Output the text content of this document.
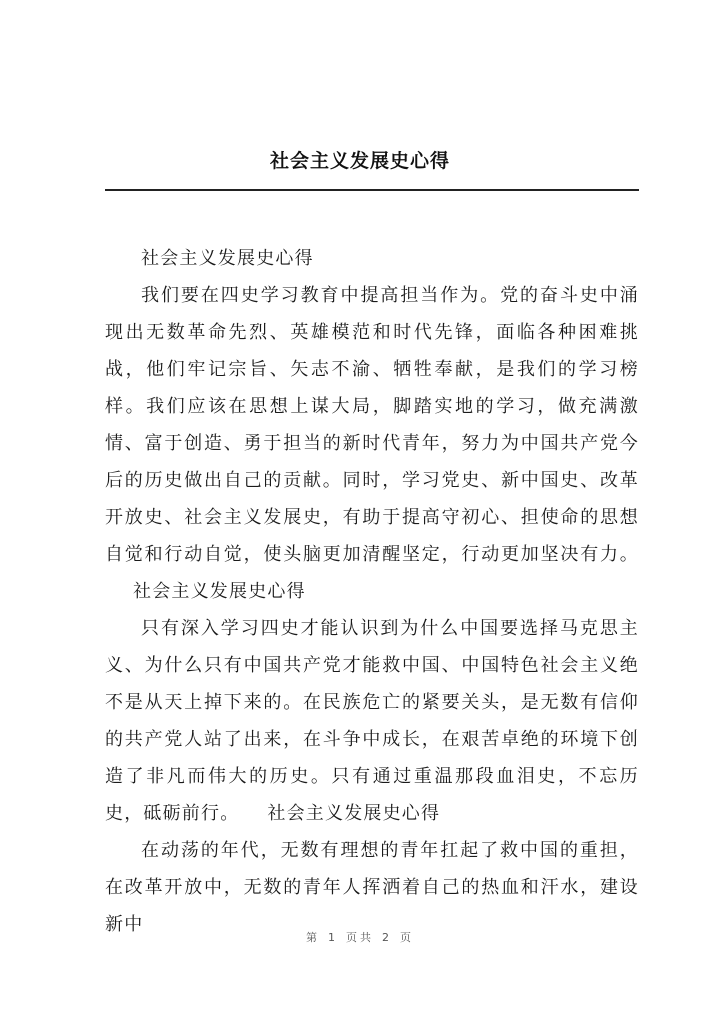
社会主义发展史心得

社会主义发展史心得

我们要在四史学习教育中提高担当作为。党的奋斗史中涌现出无数革命先烈、英雄模范和时代先锋，面临各种困难挑战，他们牢记宗旨、矢志不渝、牺牲奉献，是我们的学习榜样。我们应该在思想上谋大局，脚踏实地的学习，做充满激情、富于创造、勇于担当的新时代青年，努力为中国共产党今后的历史做出自己的贡献。同时，学习党史、新中国史、改革开放史、社会主义发展史，有助于提高守初心、担使命的思想自觉和行动自觉，使头脑更加清醒坚定，行动更加坚决有力。社会主义发展史心得

只有深入学习四史才能认识到为什么中国要选择马克思主义、为什么只有中国共产党才能救中国、中国特色社会主义绝不是从天上掉下来的。在民族危亡的紧要关头，是无数有信仰的共产党人站了出来，在斗争中成长，在艰苦卓绝的环境下创造了非凡而伟大的历史。只有通过重温那段血泪史，不忘历史，砥砺前行。 社会主义发展史心得

在动荡的年代，无数有理想的青年扛起了救中国的重担，在改革开放中，无数的青年人挥洒着自己的热血和汗水，建设新中

第 1 页共 2 页
